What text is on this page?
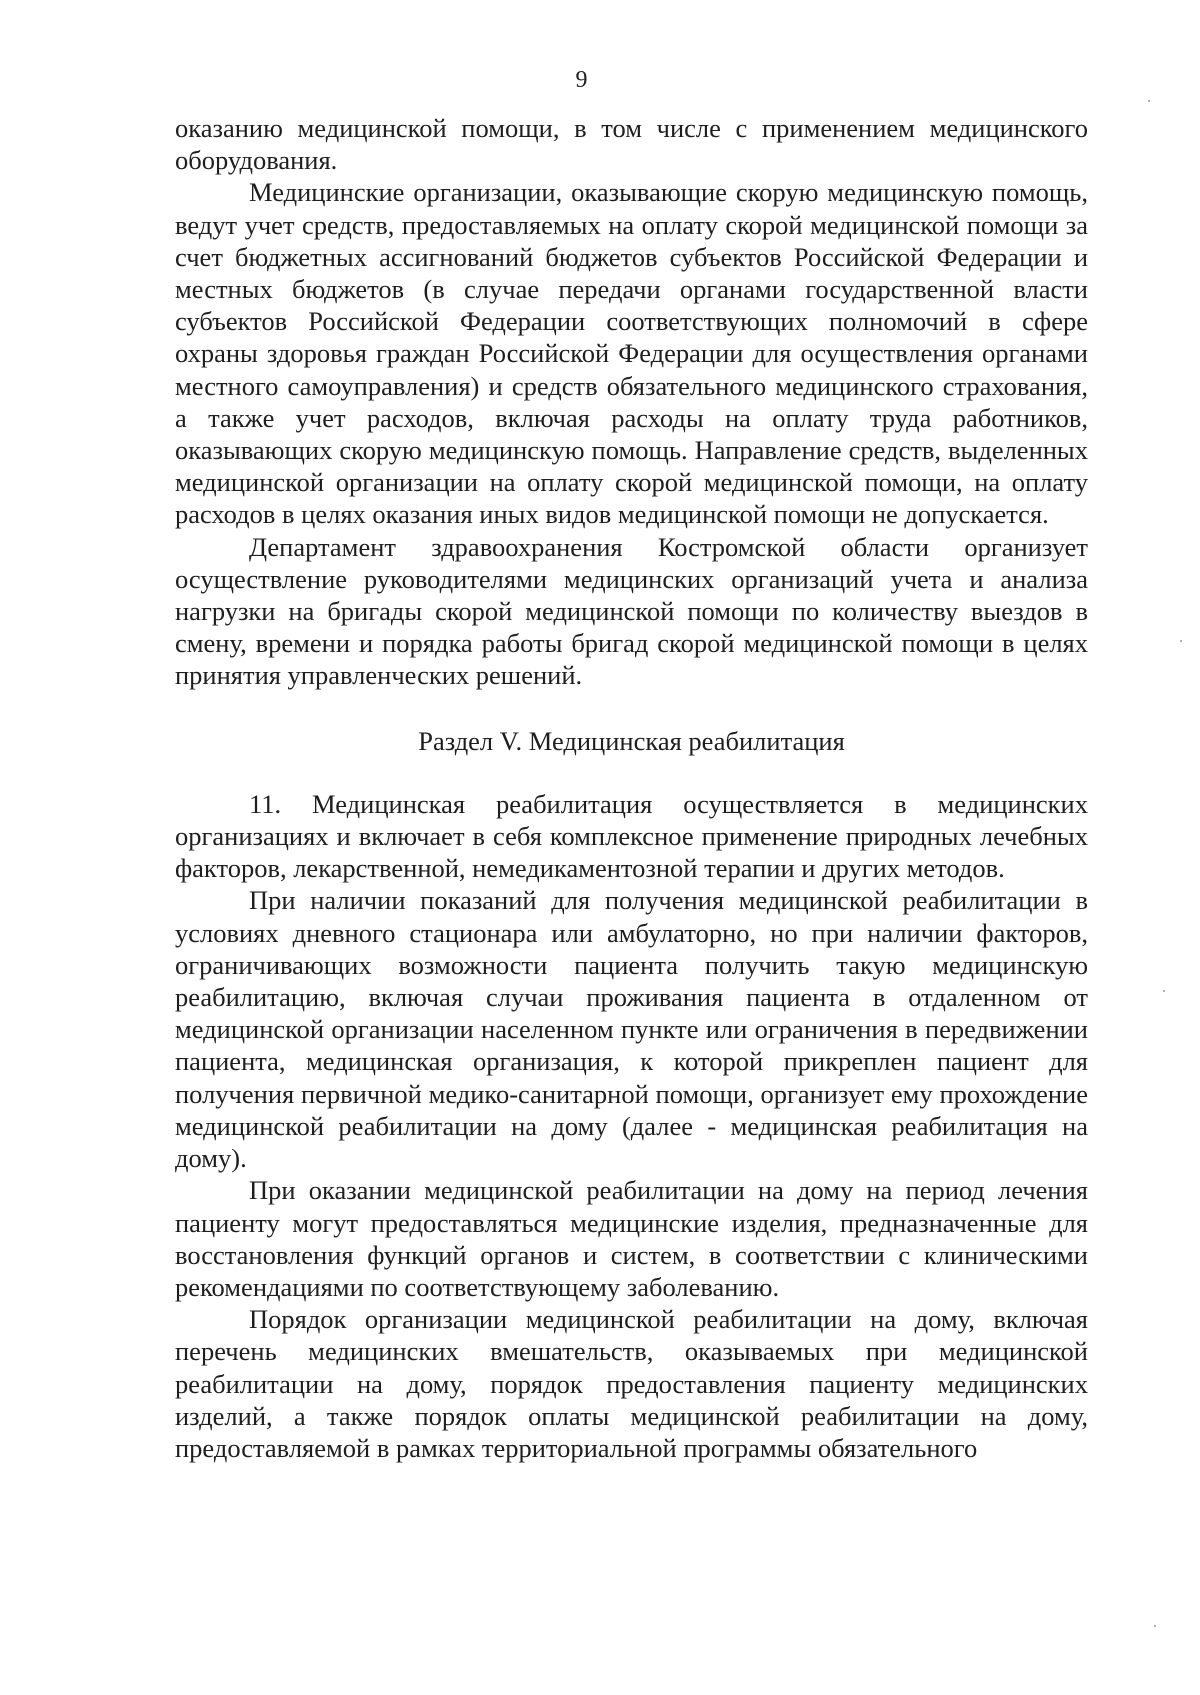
9

оказанию медицинской помощи, в том числе с применением медицинского оборудования.

Медицинские организации, оказывающие скорую медицинскую помощь, ведут учет средств, предоставляемых на оплату скорой медицинской помощи за счет бюджетных ассигнований бюджетов субъектов Российской Федерации и местных бюджетов (в случае передачи органами государственной власти субъектов Российской Федерации соответствующих полномочий в сфере охраны здоровья граждан Российской Федерации для осуществления органами местного самоуправления) и средств обязательного медицинского страхования, а также учет расходов, включая расходы на оплату труда работников, оказывающих скорую медицинскую помощь. Направление средств, выделенных медицинской организации на оплату скорой медицинской помощи, на оплату расходов в целях оказания иных видов медицинской помощи не допускается.

Департамент здравоохранения Костромской области организует осуществление руководителями медицинских организаций учета и анализа нагрузки на бригады скорой медицинской помощи по количеству выездов в смену, времени и порядка работы бригад скорой медицинской помощи в целях принятия управленческих решений.

Раздел V. Медицинская реабилитация

11. Медицинская реабилитация осуществляется в медицинских организациях и включает в себя комплексное применение природных лечебных факторов, лекарственной, немедикаментозной терапии и других методов.

При наличии показаний для получения медицинской реабилитации в условиях дневного стационара или амбулаторно, но при наличии факторов, ограничивающих возможности пациента получить такую медицинскую реабилитацию, включая случаи проживания пациента в отдаленном от медицинской организации населенном пункте или ограничения в передвижении пациента, медицинская организация, к которой прикреплен пациент для получения первичной медико-санитарной помощи, организует ему прохождение медицинской реабилитации на дому (далее - медицинская реабилитация на дому).

При оказании медицинской реабилитации на дому на период лечения пациенту могут предоставляться медицинские изделия, предназначенные для восстановления функций органов и систем, в соответствии с клиническими рекомендациями по соответствующему заболеванию.

Порядок организации медицинской реабилитации на дому, включая перечень медицинских вмешательств, оказываемых при медицинской реабилитации на дому, порядок предоставления пациенту медицинских изделий, а также порядок оплаты медицинской реабилитации на дому, предоставляемой в рамках территориальной программы обязательного
